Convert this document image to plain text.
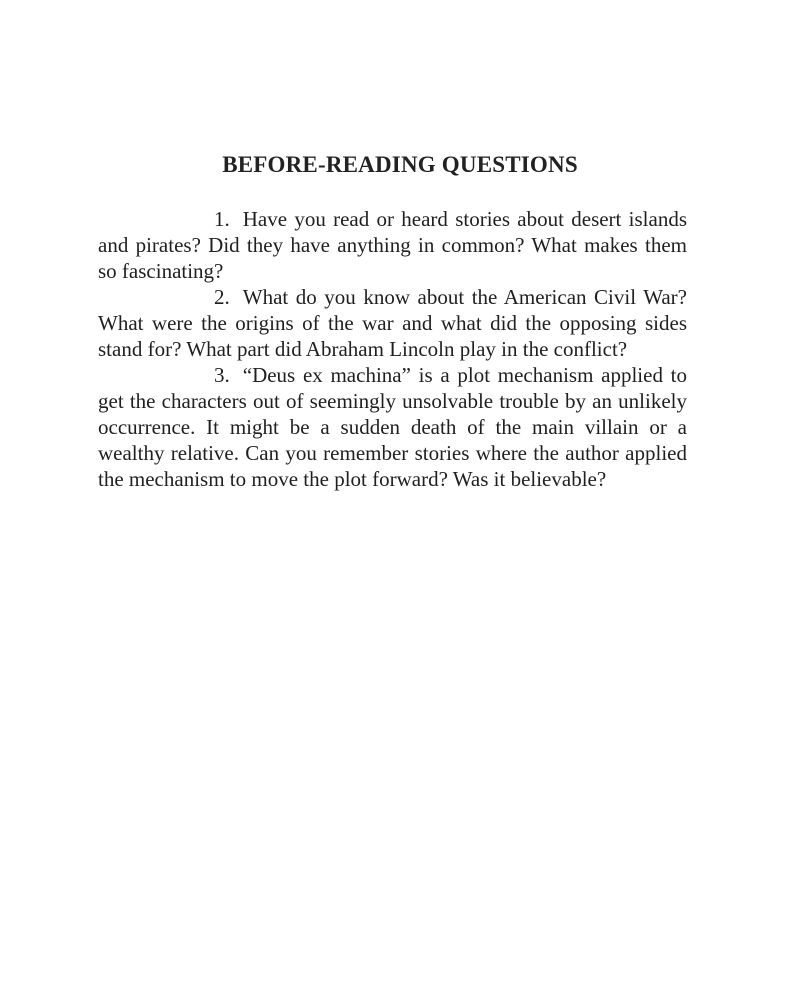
BEFORE-READING QUESTIONS

1. Have you read or heard stories about desert islands and pirates? Did they have anything in common? What makes them so fascinating?

2. What do you know about the American Civil War? What were the origins of the war and what did the opposing sides stand for? What part did Abraham Lincoln play in the conflict?

3. “Deus ex machina” is a plot mechanism applied to get the characters out of seemingly unsolvable trouble by an unlikely occurrence. It might be a sudden death of the main villain or a wealthy relative. Can you remember stories where the author applied the mechanism to move the plot forward? Was it believable?
